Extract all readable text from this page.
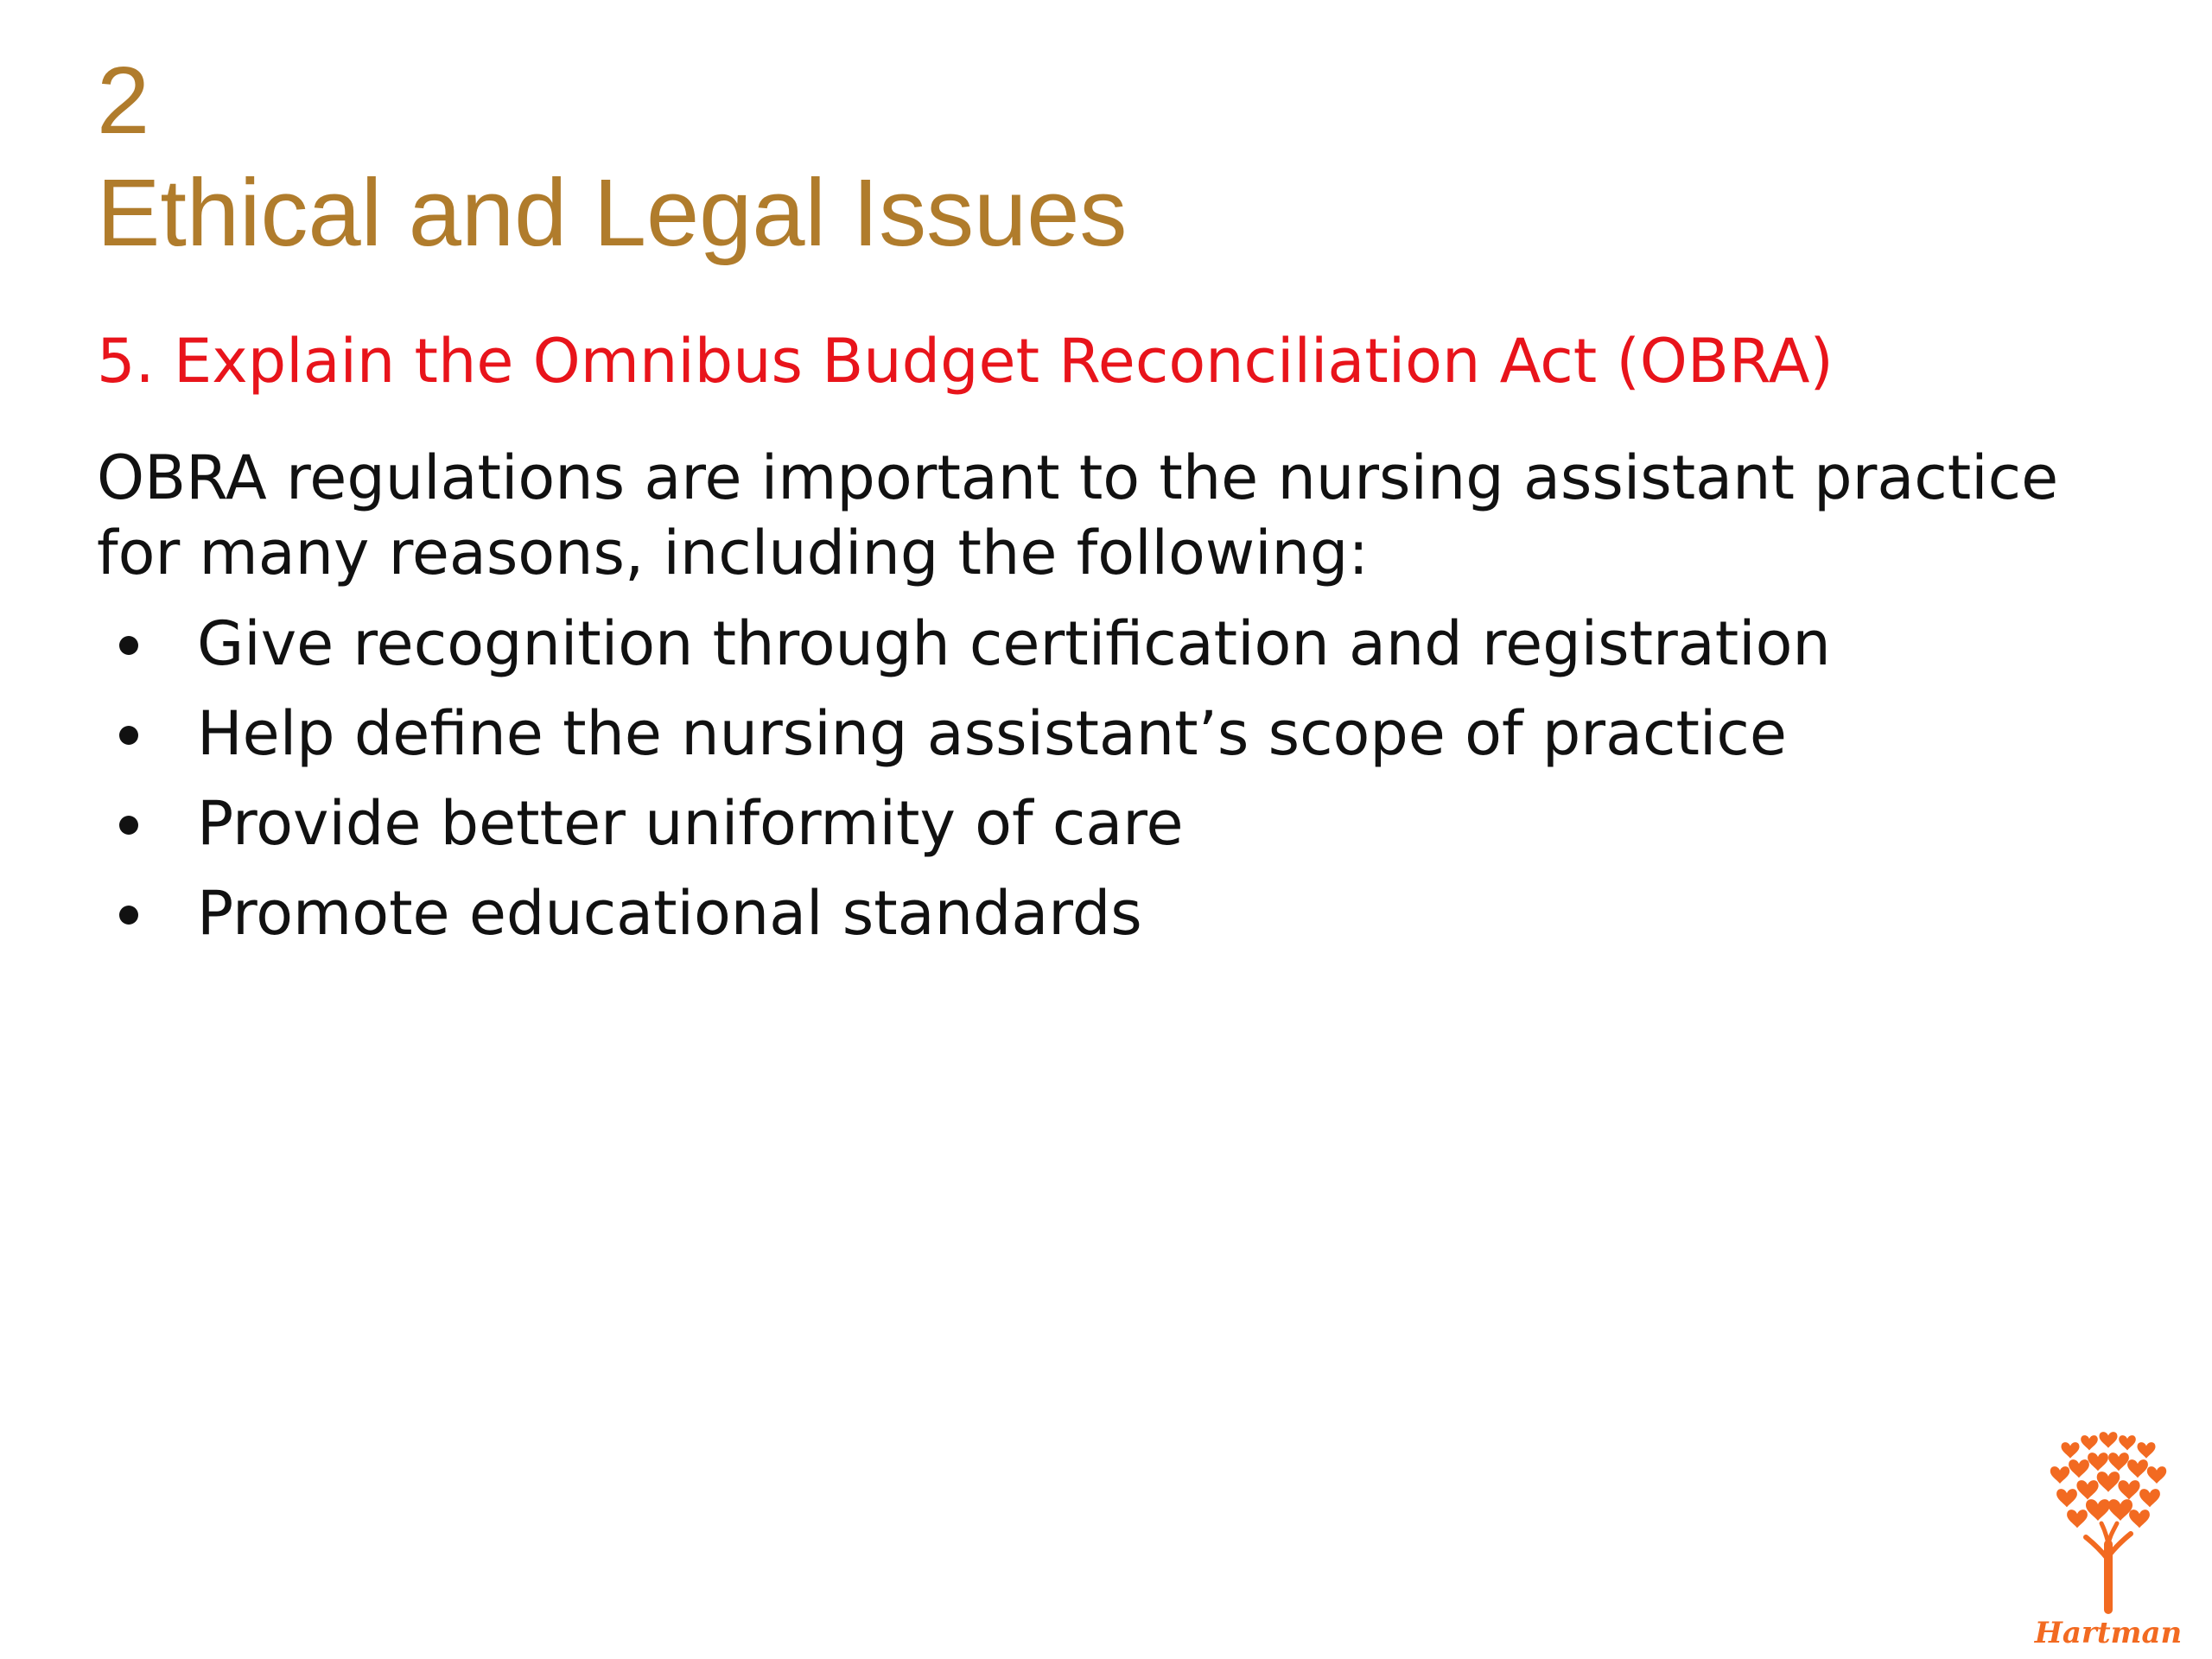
2
Ethical and Legal Issues
5. Explain the Omnibus Budget Reconciliation Act (OBRA)
OBRA regulations are important to the nursing assistant practice for many reasons, including the following:
Give recognition through certification and registration
Help define the nursing assistant’s scope of practice
Provide better uniformity of care
Promote educational standards
Hartman
